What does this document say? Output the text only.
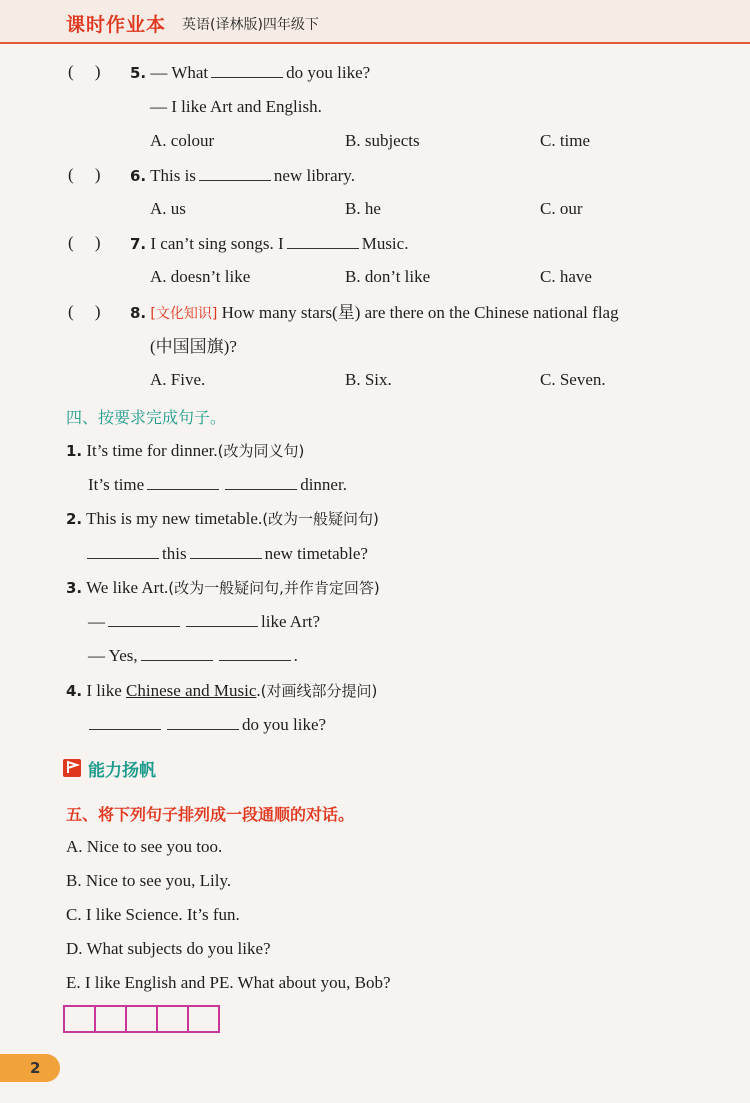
课时作业本 英语(译林版)四年级下
(     ) 5. — What	do you like?
— I like Art and English.
A. colour	B. subjects	C. time
(     ) 6. This is	new library.
A. us	B. he	C. our
(     ) 7. I can’t sing songs. I	Music.
A. doesn’t like	B. don’t like	C. have
(     ) 8. [文化知识] How many stars(星) are there on the Chinese national flag
(中国国旗)?
A. Five.	B. Six.	C. Seven.
四、按要求完成句子。
1. It’s time for dinner.(改为同义句)
It’s time	dinner.
2. This is my new timetable.(改为一般疑问句)
this	new timetable?
3. We like Art.(改为一般疑问句,并作肯定回答)
—	like Art?
— Yes,	.
4. I like Chinese and Music.(对画线部分提问)
do you like?
能力扬帆
五、将下列句子排列成一段通顺的对话。
A. Nice to see you too.
B. Nice to see you, Lily.
C. I like Science. It’s fun.
D. What subjects do you like?
E. I like English and PE. What about you, Bob?
2
